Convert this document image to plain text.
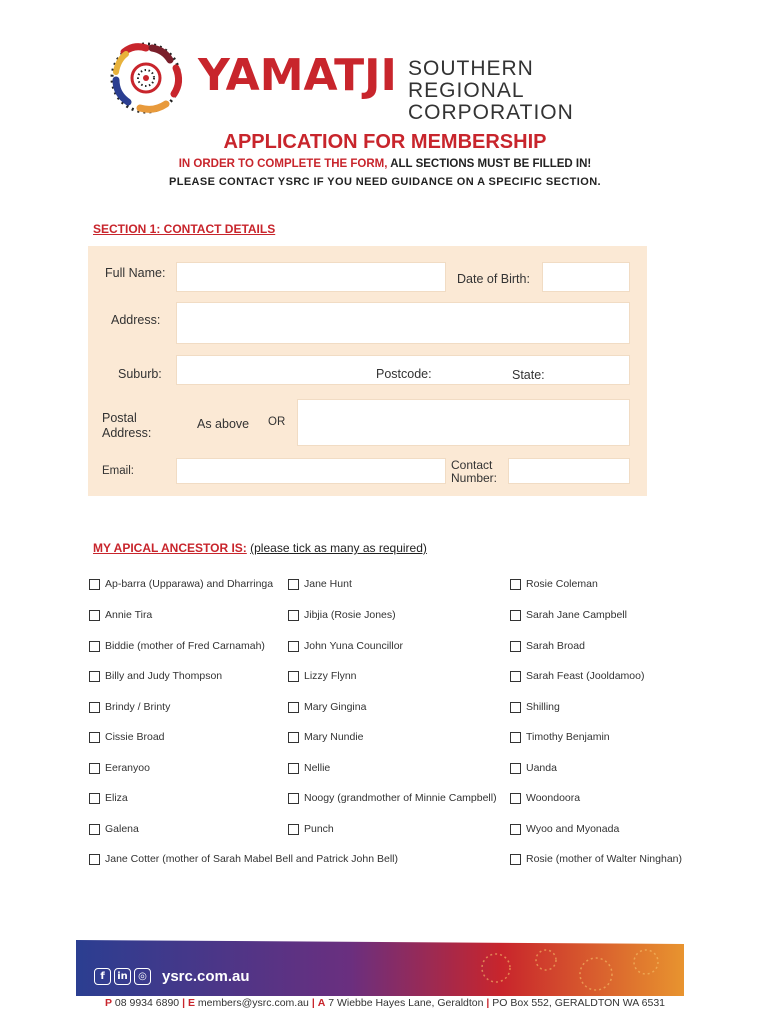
YAMATJI SOUTHERN REGIONAL
CORPORATION
APPLICATION FOR MEMBERSHIP
IN ORDER TO COMPLETE THE FORM, ALL SECTIONS MUST BE FILLED IN!
PLEASE CONTACT YSRC IF YOU NEED GUIDANCE ON A SPECIFIC SECTION.
SECTION 1: CONTACT DETAILS
Full Name:	Date of Birth:
Address:
Suburb:	Postcode:	State:
Postal
Address:
As above OR
Email:	Contact
Number:
MY APICAL ANCESTOR IS: (please tick as many as required)
Ap-barra (Upparawa) and Dharringa
Annie Tira
Biddie (mother of Fred Carnamah)
Billy and Judy Thompson
Brindy / Brinty
Cissie Broad
Eeranyoo
Eliza
Galena
Jane Cotter (mother of Sarah Mabel Bell and Patrick John Bell)
Jane Hunt
Jibjia (Rosie Jones)
John Yuna Councillor
Lizzy Flynn
Mary Gingina
Mary Nundie
Nellie
Noogy (grandmother of Minnie Campbell)
Punch
Rosie Coleman
Sarah Jane Campbell
Sarah Broad
Sarah Feast (Jooldamoo)
Shilling
Timothy Benjamin
Uanda
Woondoora
Wyoo and Myonada
Rosie (mother of Walter Ninghan)
f	in	◎ ysrc.com.au
P 08 9934 6890 | E members@ysrc.com.au | A 7 Wiebbe Hayes Lane, Geraldton | PO Box 552, GERALDTON WA 6531
